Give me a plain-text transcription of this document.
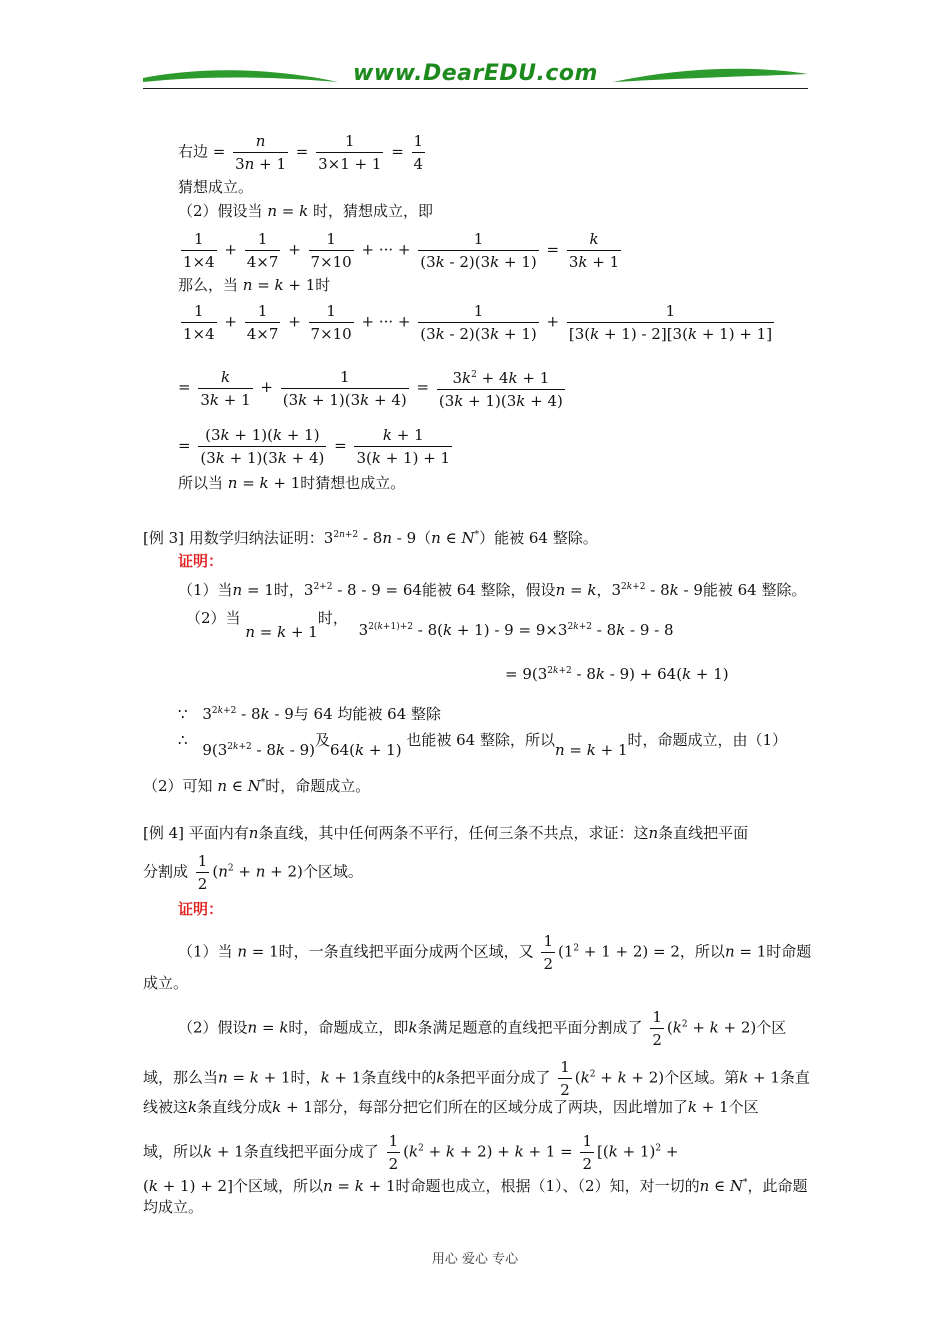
www.DearEDU.com
右边 = $\frac{n}{3n + 1} = \frac{1}{3\times 1 + 1} = \frac{1}{4}$
猜想成立。
（2）假设当 n = k 时，猜想成立，即
$\frac{1}{1\times 4} + \frac{1}{4\times 7} + \frac{1}{7\times 10}$ + ··· + $\frac{1}{(3k - 2)(3k + 1)} = \frac{k}{3k + 1}$
那么，当 n = k + 1时
$\frac{1}{1\times 4} + \frac{1}{4\times 7} + \frac{1}{7\times 10}$ + ··· + $\frac{1}{(3k - 2)(3k + 1)} + \frac{1}{[3(k + 1) - 2][3(k + 1) + 1]}$
= $\frac{k}{3k + 1} + \frac{1}{(3k + 1)(3k + 4)} = \frac{3k^2 + 4k + 1}{(3k + 1)(3k + 4)}$
= $\frac{(3k + 1)(k + 1)}{(3k + 1)(3k + 4)} = \frac{k + 1}{3(k + 1) + 1}$
所以当 n = k + 1时猜想也成立。
[例 3] 用数学归纳法证明：$3^{2n+2} - 8n - 9(n$ ∈ N*）能被 64 整除。
证明：
（1）当n = 1时，$3^{2+2} - 8 - 9 = 64$能被 64 整除，假设n = k，$3^{2k+2} - 8k - 9$能被 64 整除。
（2）当 n = k + 1时， $3^{2(k+1)+2} - 8(k + 1) - 9 = 9\times 3^{2k+2} - 8k - 9 - 8$
= $9(3^{2k+2} - 8k - 9) + 64(k + 1)$
∵ $3^{2k+2} - 8k - 9$与 64 均能被 64 整除
∴ $9(3^{2k+2} - 8k - 9)$及64(k + 1) 也能被 64 整除，所以n = k + 1时，命题成立，由（1）
（2）可知 n ∈ N*时，命题成立。
[例 4] 平面内有n条直线，其中任何两条不平行，任何三条不共点，求证：这n条直线把平面
分割成 $\frac{1}{2} (n^2 + n + 2)$个区域。
证明：
（1）当 n = 1时，一条直线把平面分成两个区域，又 $\frac{1}{2} (1^2 + 1 + 2) = 2$，所以n = 1时命题
成立。
（2）假设n = k时，命题成立，即k条满足题意的直线把平面分割成了 $\frac{1}{2} (k^2 + k + 2)$个区
域，那么当n = k + 1时，k + 1条直线中的k条把平面分成了 $\frac{1}{2} (k^2 + k + 2)$个区域。第k + 1条直
线被这k条直线分成k + 1部分，每部分把它们所在的区域分成了两块，因此增加了k + 1个区
域，所以k + 1条直线把平面分成了 $\frac{1}{2} (k^2 + k + 2) + k + 1 = \frac{1}{2} [(k + 1)^2$ +
(k + 1) + 2]个区域，所以n = k + 1时命题也成立，根据（1）、（2）知，对一切的n ∈ N*，此命题
均成立。
用心 爱心 专心
